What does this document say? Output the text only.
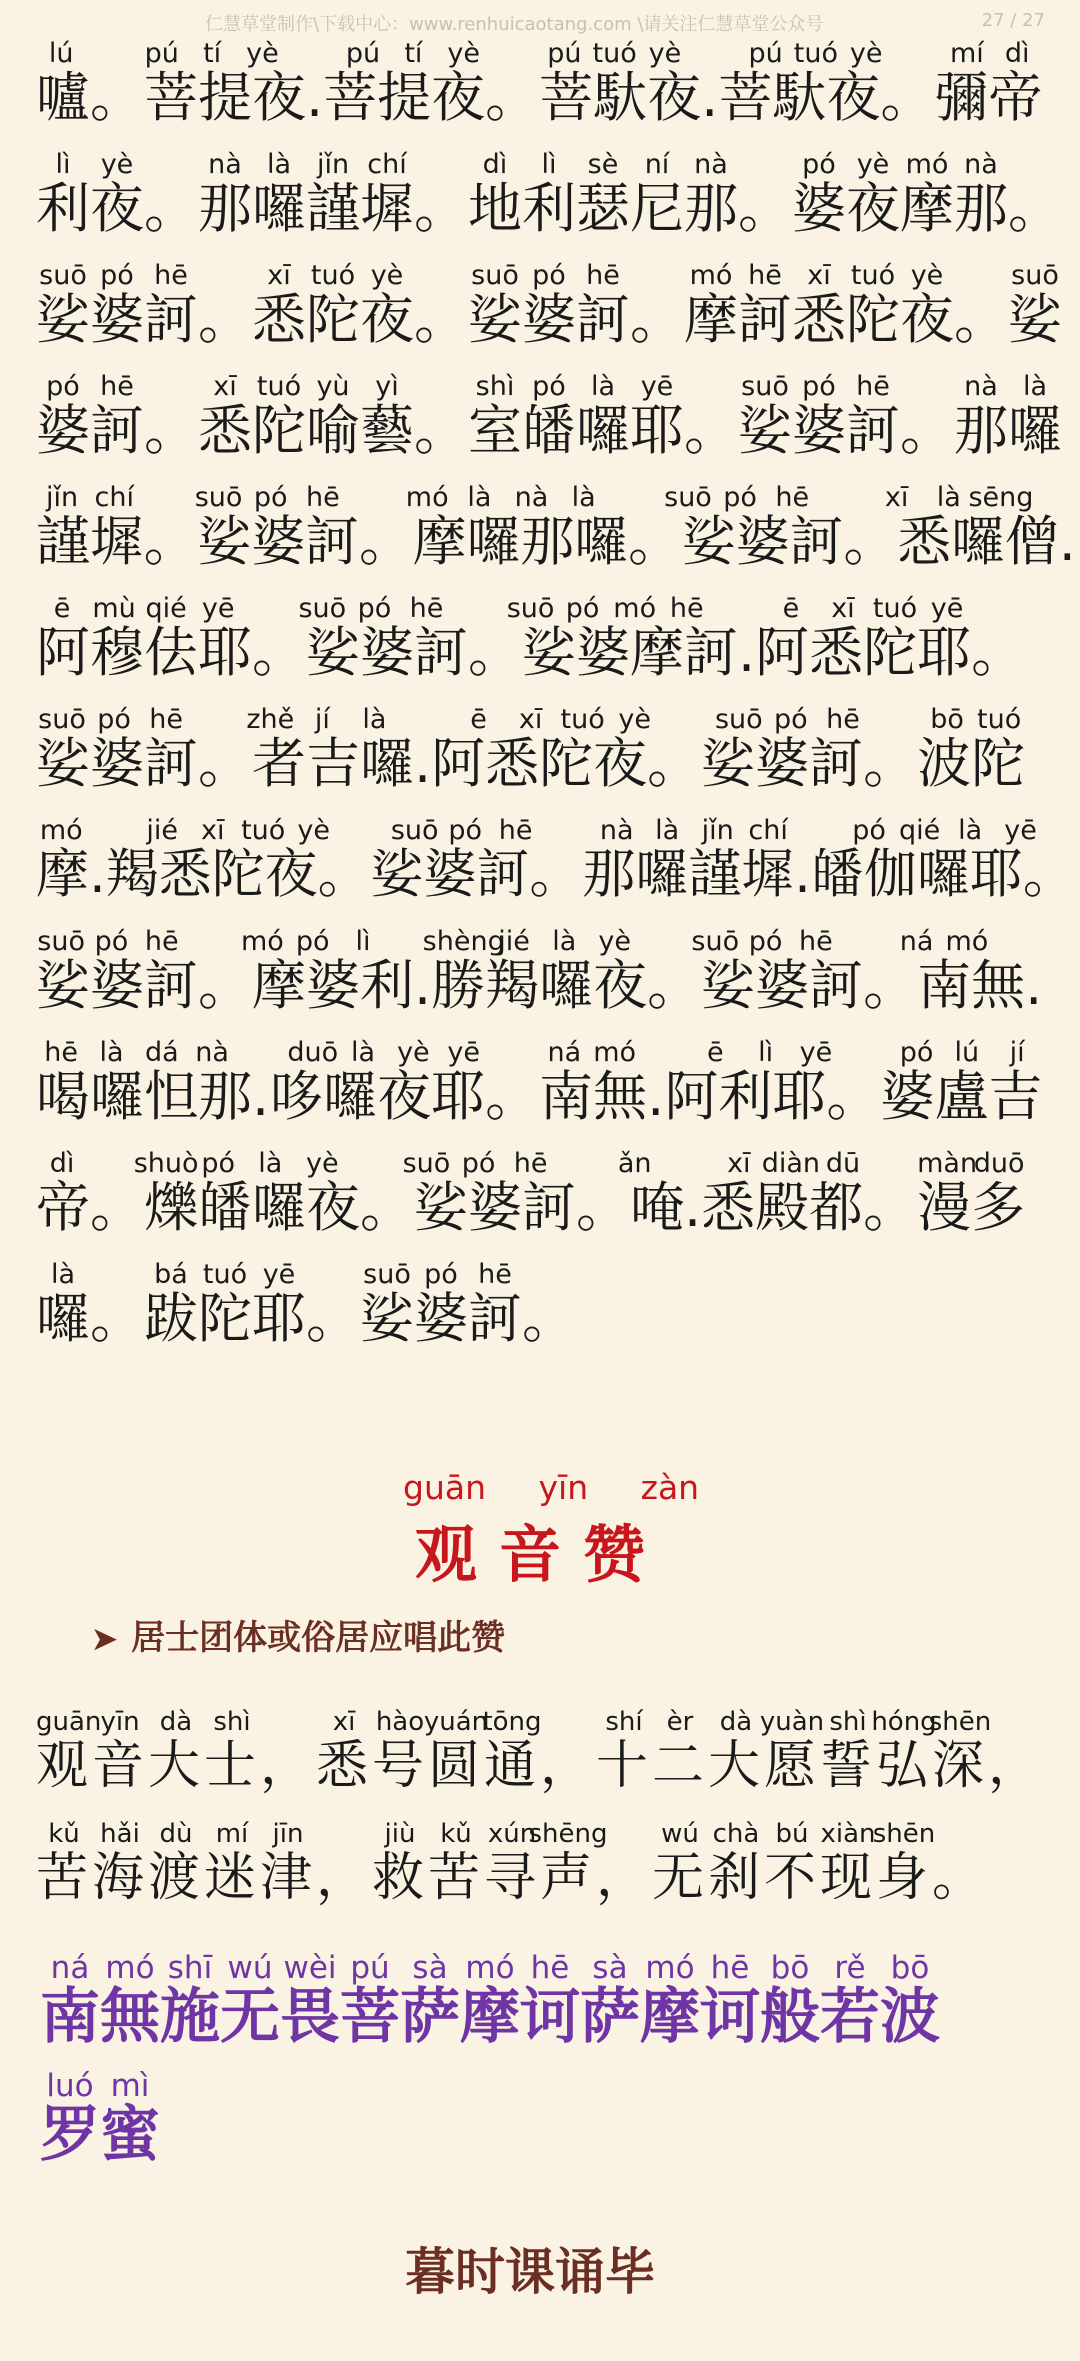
仁慧草堂制作\下载中心：www.renhuicaotang.com \请关注仁慧草堂公众号	27 / 27
嚧。菩提夜.菩提夜。菩馱夜.菩馱夜。彌帝
lú	pú tí yè pú tí yè pú tuó yè pú tuó yè mí dì
利夜。那囉謹墀。地利瑟尼那。婆夜摩那。
lì yè	nà là jǐn chí	dì lì sè ní nà	pó yè mó nà
娑婆訶。悉陀夜。娑婆訶。摩訶悉陀夜。娑
suō pó hē	xī tuó yè	suō pó hē	mó hē xī tuó yè	suō
婆訶。悉陀喻藝。室皤囉耶。娑婆訶。那囉
pó hē	xī tuó yù yì	shì pó là yē	suō pó hē	nà là
謹墀。娑婆訶。摩囉那囉。娑婆訶。悉囉僧.
jǐn chí suō pó hē mó là nà là	suō pó hē	xī là sēng
阿穆佉耶。娑婆訶。娑婆摩訶.阿悉陀耶。
ē mù qié yē suō pó hē suō pó mó hē	ē xī tuó yē
娑婆訶。者吉囉.阿悉陀夜。娑婆訶。波陀
suō pó hē zhě jí là	ē xī tuó yè suō pó hē	bō tuó
摩.羯悉陀夜。娑婆訶。那囉謹墀.皤伽囉耶。
mó jié xī tuó yè suō pó hē nà là jǐn chí pó qié là yē
娑婆訶。摩婆利.勝羯囉夜。娑婆訶。南無.
suō pó hē mó pó lì shèng
jié là yè suō pó hē ná mó
喝囉怛那.哆囉夜耶。南無.阿利耶。婆盧吉
hē là dá nà duō là yè yē	ná mó	ē lì yē	pó lú jí
帝。爍皤囉夜。娑婆訶。唵.悉殿都。漫多
dì shuò pó là yè suō pó hē	ǎn	xī diàn dū màn
duō
囉。跋陀耶。娑婆訶。
là	bá tuó yē	suō pó hē
guān yīn zàn
观音赞
➤ 居士团体或俗居应唱此赞
观音大士，悉号圆通，十二大愿誓弘深，
guān yīn dà shì	xī hào yuán
tōng shí èr dà yuàn shì hóng
shēn
苦海渡迷津，救苦寻声，无刹不现身。
kǔ hǎi dù mí jīn	jiù kǔ xún
shēng wú chà bú xiàn
shēn
南無施无畏菩萨摩诃萨摩诃般若波
ná mó shī wú wèi pú sà mó hē sà mó hē bō rě bō
罗蜜
luó mì
暮时课诵毕
